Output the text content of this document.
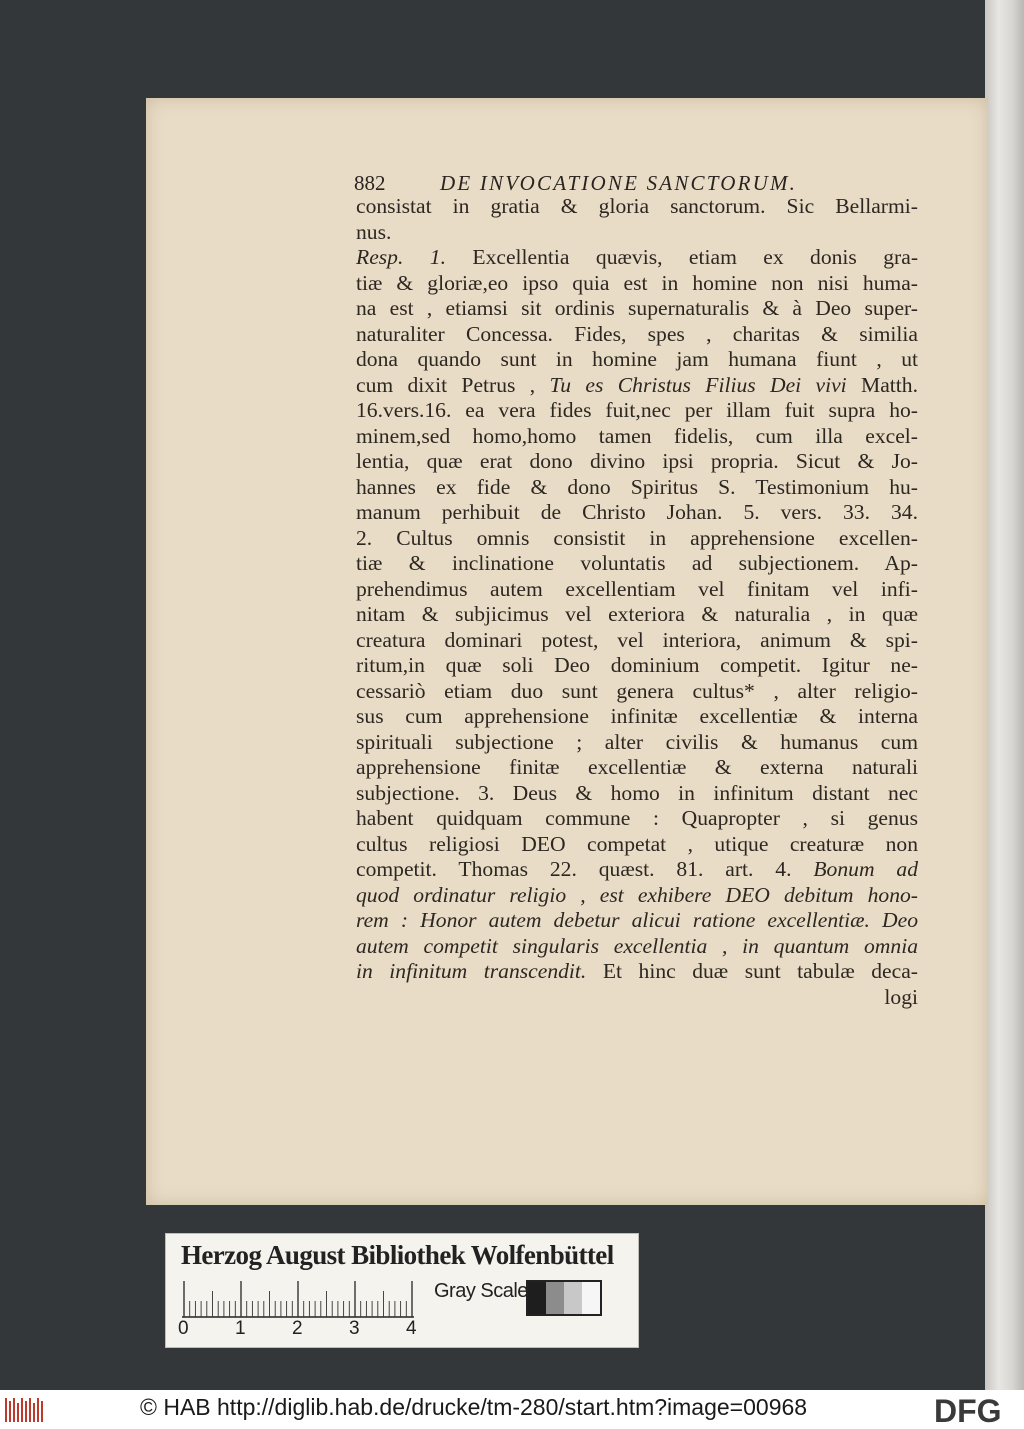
882	DE INVOCATIONE SANCTORUM.
consistat in gratia & gloria sanctorum. Sic Bellarmi-
nus.
Resp. 1. Excellentia quævis, etiam ex donis gra-
tiæ & gloriæ,eo ipso quia est in homine non nisi huma-
na est , etiamsi sit ordinis supernaturalis & à Deo super-
naturaliter Concessa. Fides, spes , charitas & similia
dona quando sunt in homine jam humana fiunt , ut
cum dixit Petrus , Tu es Christus Filius Dei vivi Matth.
16.vers.16. ea vera fides fuit,nec per illam fuit supra ho-
minem,sed homo,homo tamen fidelis, cum illa excel-
lentia, quæ erat dono divino ipsi propria. Sicut & Jo-
hannes ex fide & dono Spiritus S. Testimonium hu-
manum perhibuit de Christo Johan. 5. vers. 33. 34.
2. Cultus omnis consistit in apprehensione excellen-
tiæ & inclinatione voluntatis ad subjectionem. Ap-
prehendimus autem excellentiam vel finitam vel infi-
nitam & subjicimus vel exteriora & naturalia , in quæ
creatura dominari potest, vel interiora, animum & spi-
ritum,in quæ soli Deo dominium competit. Igitur ne-
cessariò etiam duo sunt genera cultus* , alter religio-
sus cum apprehensione infinitæ excellentiæ & interna
spirituali subjectione ; alter civilis & humanus cum
apprehensione finitæ excellentiæ & externa naturali
subjectione. 3. Deus & homo in infinitum distant nec
habent quidquam commune : Quapropter , si genus
cultus religiosi DEO competat , utique creaturæ non
competit. Thomas 22. quæst. 81. art. 4. Bonum ad
quod ordinatur religio , est exhibere DEO debitum hono-
rem : Honor autem debetur alicui ratione excellentiæ. Deo
autem competit singularis excellentia , in quantum omnia
in infinitum transcendit. Et hinc duæ sunt tabulæ deca-
logi
Herzog August Bibliothek Wolfenbüttel
0 1 2 3 4
Gray Scale
© HAB http://diglib.hab.de/drucke/tm-280/start.htm?image=00968	DFG
